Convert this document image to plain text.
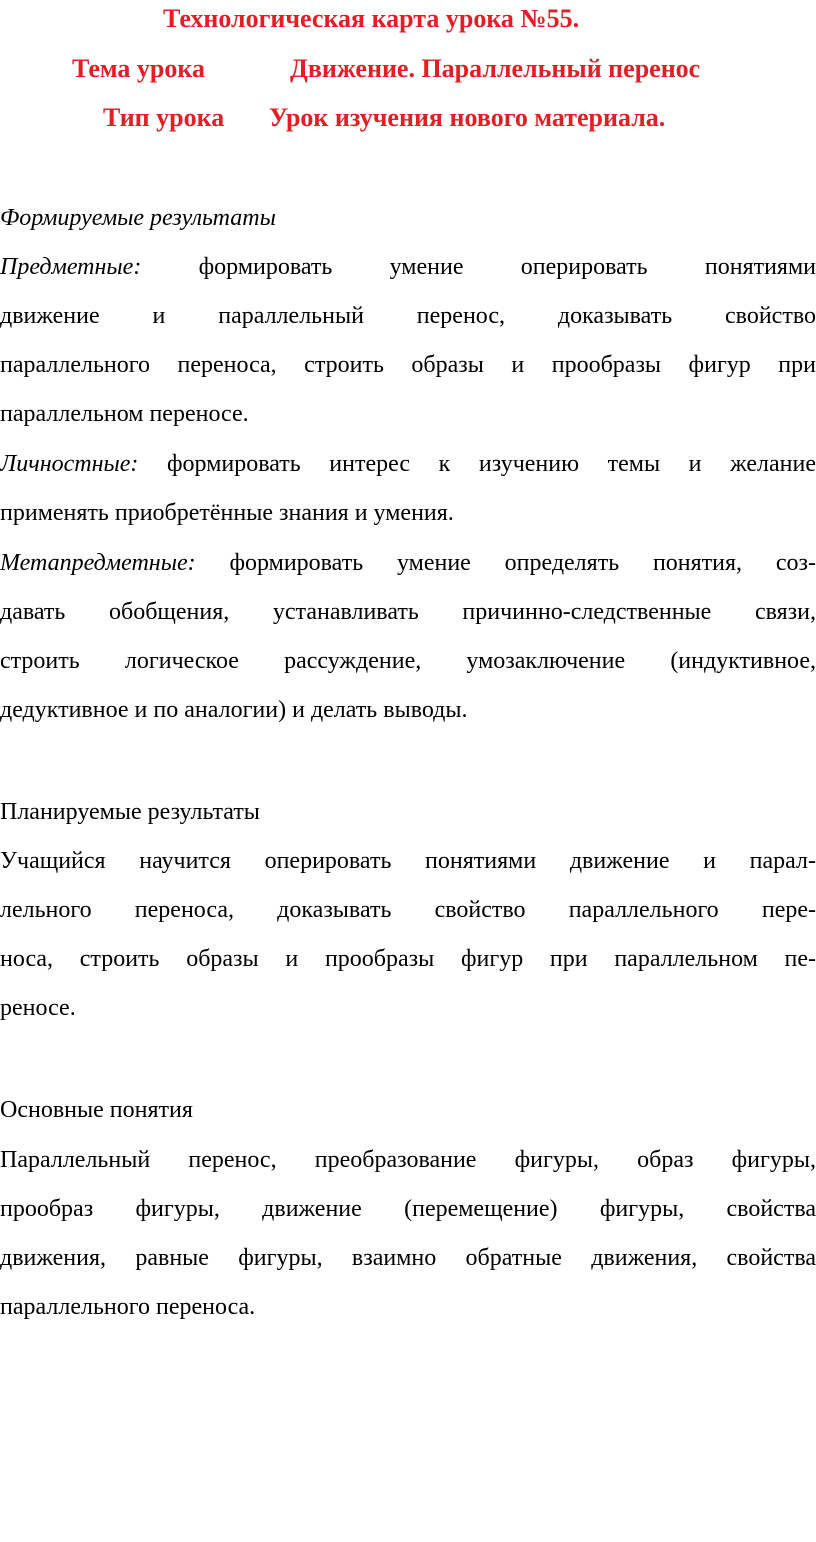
Технологическая карта урока №55.
Тема урока	Движение. Параллельный перенос
Тип урока Урок изучения нового материала.
Формируемые результаты
Предметные: формировать умение оперировать понятиями
движение и параллельный перенос, доказывать свойство
параллельного переноса, строить образы и прообразы фигур при
параллельном переносе.
Личностные: формировать интерес к изучению темы и желание
применять приобретённые знания и умения.
Метапредметные: формировать умение определять понятия, соз-
давать обобщения, устанавливать причинно-следственные связи,
строить логическое рассуждение, умозаключение (индуктивное,
дедуктивное и по аналогии) и делать выводы.
Планируемые результаты
Учащийся научится оперировать понятиями движение и парал-
лельного переноса, доказывать свойство параллельного пере-
носа, строить образы и прообразы фигур при параллельном пе-
реносе.
Основные понятия
Параллельный перенос, преобразование фигуры, образ фигуры,
прообраз фигуры, движение (перемещение) фигуры, свойства
движения, равные фигуры, взаимно обратные движения, свойства
параллельного переноса.
